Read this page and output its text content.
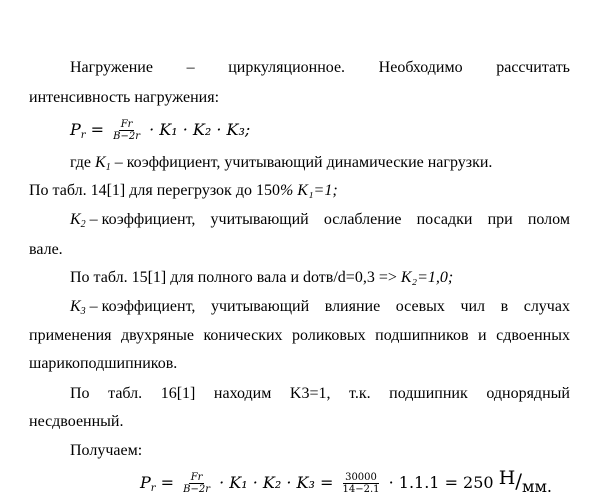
Нагружение – циркуляционное. Необходимо рассчитать
интенсивность нагружения:
$P_r = \frac{Fr}{B-2r} \cdot K_1 \cdot K_2 \cdot K_3$;
где $K_1$ – коэффициент, учитывающий динамические нагрузки.
По табл. 14[1] для перегрузок до 150% K₁=1;
$K_2$ – коэффициент, учитывающий ослабление посадки при полом
вале.
По табл. 15[1] для полного вала и dотв/d=0,3 => K₂=1,0;
$K_3$ – коэффициент, учитывающий влияние осевых чил в случах
применения двухряные конических роликовых подшипников и сдвоенных
шарикоподшипников.
По табл. 16[1] находим K3=1, т.к. подшипник однорядный
несдвоенный.
Получаем:
$P_r = \frac{Fr}{B-2r} \cdot K_1 \cdot K_2 \cdot K_3 = \frac{30000}{14-2.1} \cdot 1.1.1 = 250$ Н/мм.
